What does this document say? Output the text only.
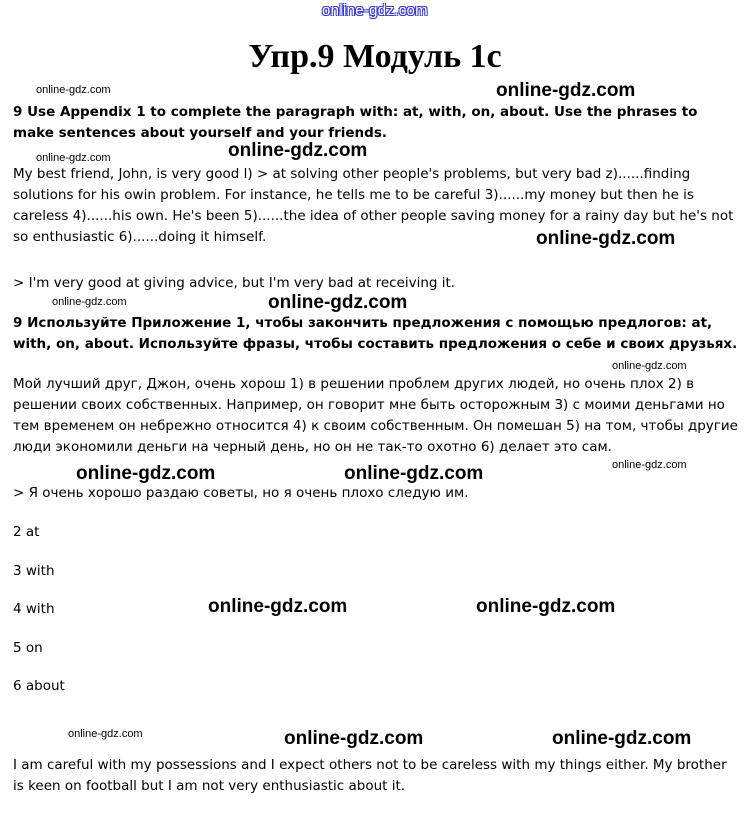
online-gdz.com
Упр.9 Модуль 1c
online-gdz.com	online-gdz.com

9 Use Appendix 1 to complete the paragraph with: at, with, on, about. Use the phrases to make sentences about yourself and your friends.

online-gdz.com	online-gdz.com

My best friend, John, is very good l) > at solving other people's problems, but very bad z)......finding solutions for his owin problem. For instance, he tells me to be careful 3)......my money but then he is careless 4)......his own. He's been 5)......the idea of other people saving money for a rainy day but he's not so enthusiastic 6)......doing it himself.	online-gdz.com

> I'm very good at giving advice, but I'm very bad at receiving it.

online-gdz.com	online-gdz.com

9 Используйте Приложение 1, чтобы закончить предложения с помощью предлогов: at, with, on, about. Используйте фразы, чтобы составить предложения о себе и своих друзьях.

online-gdz.com

Мой лучший друг, Джон, очень хорош 1) в решении проблем других людей, но очень плох 2) в решении своих собственных. Например, он говорит мне быть осторожным 3) с моими деньгами но тем временем он небрежно относится 4) к своим собственным. Он помешан 5) на том, чтобы другие люди экономили деньги на черный день, но он не так-то охотно 6) делает это сам.

online-gdz.com
online-gdz.com	online-gdz.com

> Я очень хорошо раздаю советы, но я очень плохо следую им.

2 at
3 with
4 with
5 on
6 about
online-gdz.com	online-gdz.com
online-gdz.com	online-gdz.com	online-gdz.com

I am careful with my possessions and I expect others not to be careless with my things either. My brother is keen on football but I am not very enthusiastic about it.
